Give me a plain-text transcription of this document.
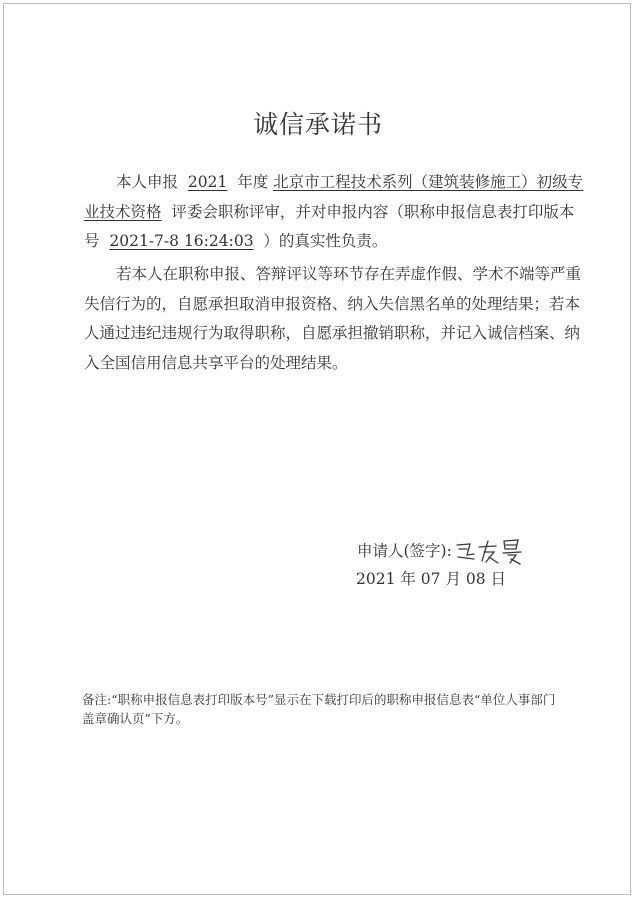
诚信承诺书
本人申报 2021 年度 北京市工程技术系列（建筑装修施工）初级专业技术资格 评委会职称评审，并对申报内容（职称申报信息表打印版本号 2021-7-8 16:24:03 ）的真实性负责。
若本人在职称申报、答辩评议等环节存在弄虚作假、学术不端等严重失信行为的，自愿承担取消申报资格、纳入失信黑名单的处理结果；若本人通过违纪违规行为取得职称，自愿承担撤销职称，并记入诚信档案、纳入全国信用信息共享平台的处理结果。
申请人(签字):
2021 年 07 月 08 日
备注:“职称申报信息表打印版本号”显示在下载打印后的职称申报信息表“单位人事部门盖章确认页”下方。
